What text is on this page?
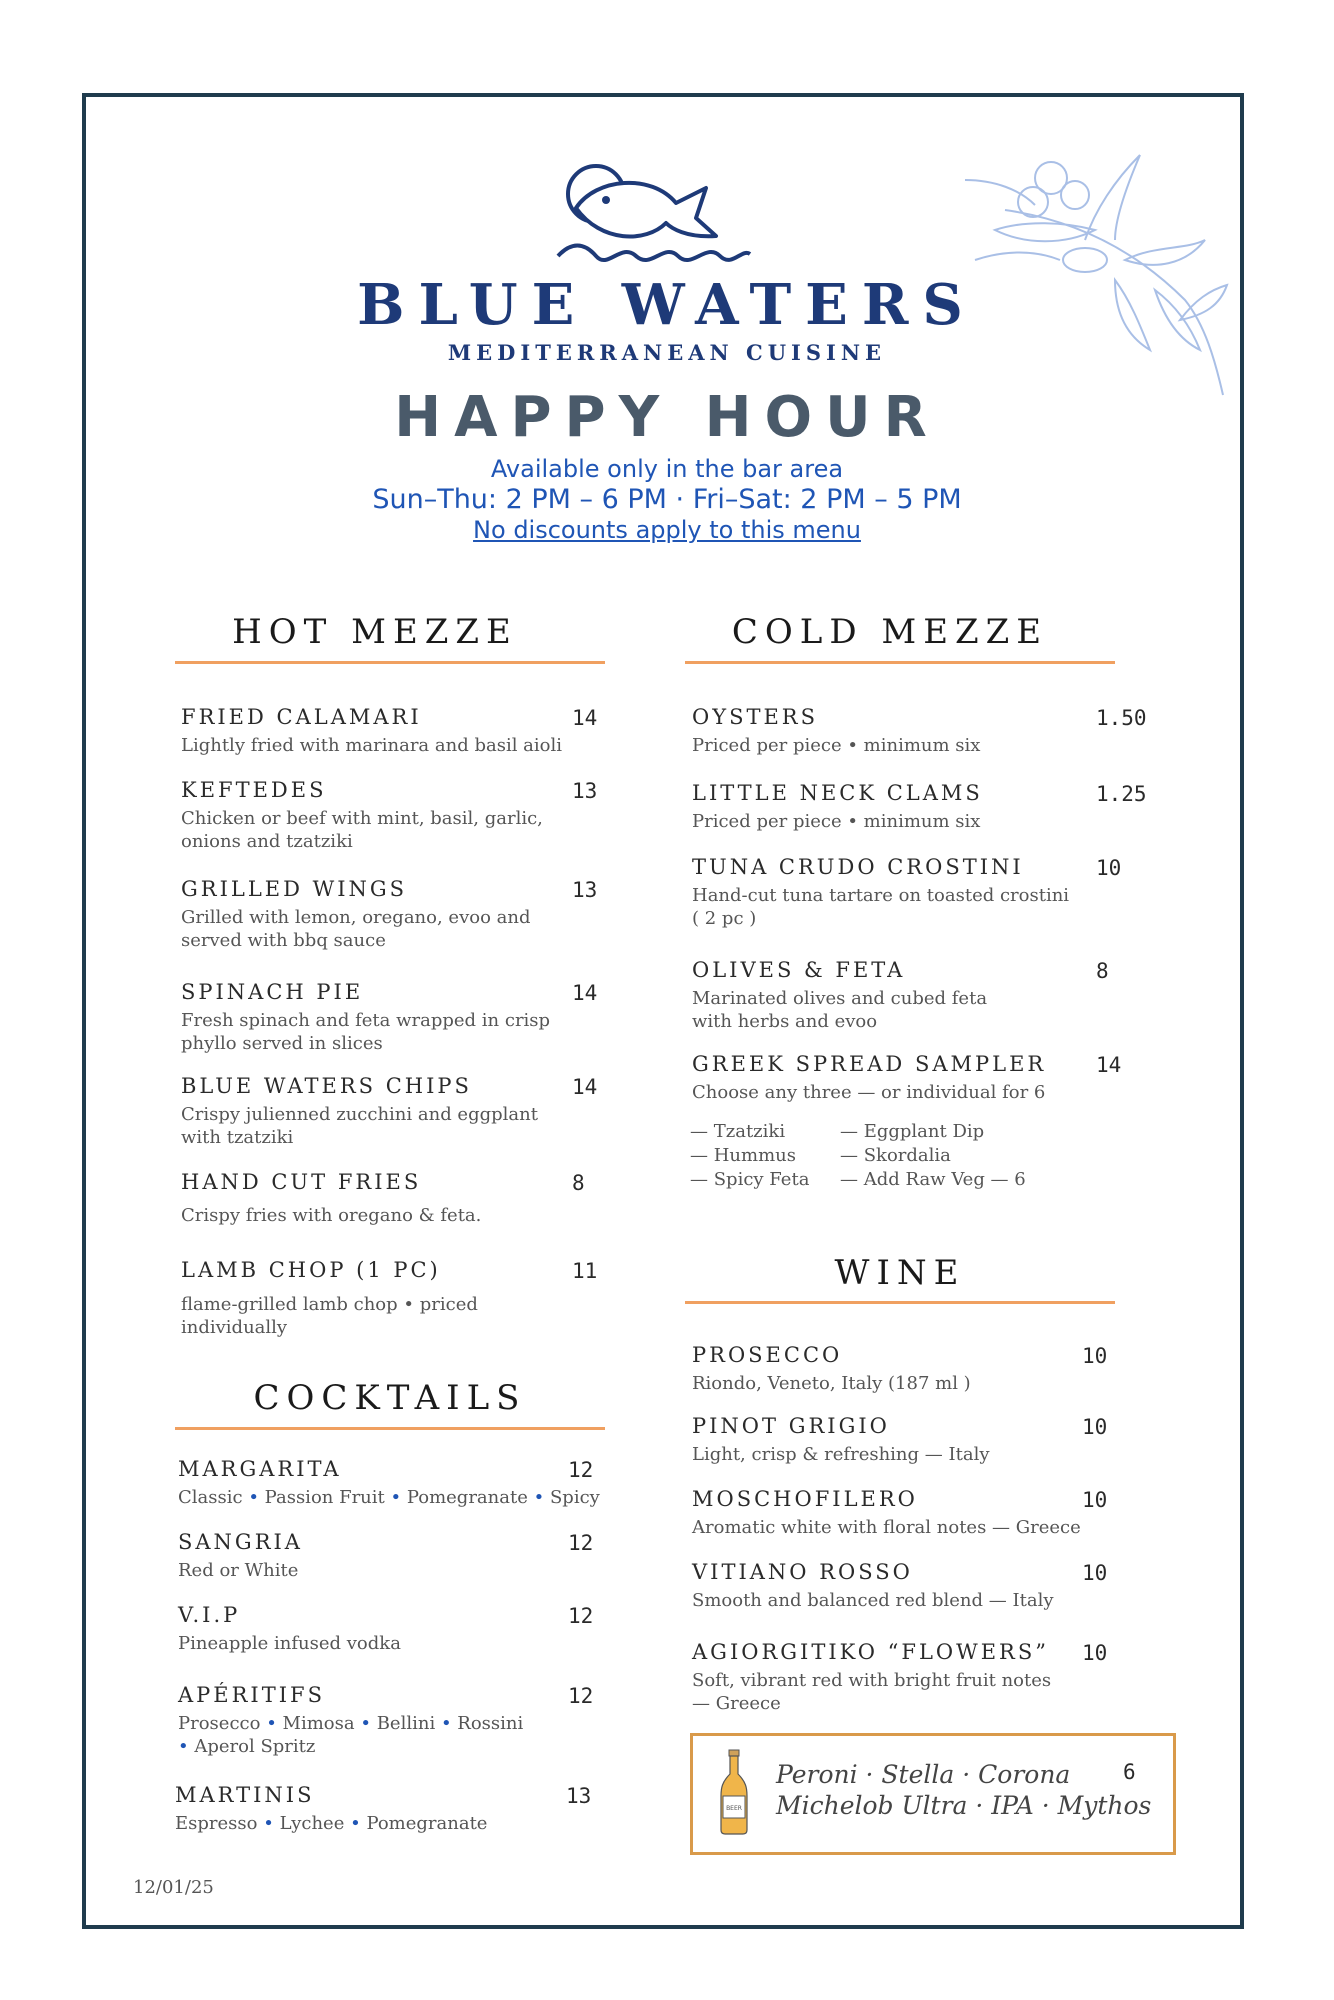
BLUE WATERS
MEDITERRANEAN CUISINE
HAPPY HOUR
Available only in the bar area
Sun–Thu: 2 PM – 6 PM · Fri–Sat: 2 PM – 5 PM
No discounts apply to this menu
HOT MEZZE
FRIED CALAMARI	14
Lightly fried with marinara and basil aioli
KEFTEDES	13
Chicken or beef with mint, basil, garlic,
onions and tzatziki
GRILLED WINGS	13
Grilled with lemon, oregano, evoo and
served with bbq sauce
SPINACH PIE	14
Fresh spinach and feta wrapped in crisp
phyllo served in slices
BLUE WATERS CHIPS	14
Crispy julienned zucchini and eggplant
with tzatziki
HAND CUT FRIES	8
Crispy fries with oregano & feta.
LAMB CHOP (1 PC)	11
flame-grilled lamb chop • priced
individually
COCKTAILS
MARGARITA	12
Classic • Passion Fruit • Pomegranate • Spicy
SANGRIA	12
Red or White
V.I.P	12
Pineapple infused vodka
APÉRITIFS	12
Prosecco • Mimosa • Bellini • Rossini
• Aperol Spritz
MARTINIS	13
Espresso • Lychee • Pomegranate
COLD MEZZE
OYSTERS	1.50
Priced per piece • minimum six
LITTLE NECK CLAMS	1.25
Priced per piece • minimum six
TUNA CRUDO CROSTINI	10
Hand-cut tuna tartare on toasted crostini
( 2 pc )
OLIVES & FETA	8
Marinated olives and cubed feta
with herbs and evoo
GREEK SPREAD SAMPLER 14
Choose any three — or individual for 6
— Tzatziki
— Hummus
— Spicy Feta
— Eggplant Dip
— Skordalia
— Add Raw Veg — 6
WINE
PROSECCO	10
Riondo, Veneto, Italy (187 ml )
PINOT GRIGIO	10
Light, crisp & refreshing — Italy
MOSCHOFILERO	10
Aromatic white with floral notes — Greece
VITIANO ROSSO	10
Smooth and balanced red blend — Italy
AGIORGITIKO “FLOWERS” 10
Soft, vibrant red with bright fruit notes
— Greece
BEER
Peroni · Stella · Corona
Michelob Ultra · IPA · Mythos
6
12/01/25
